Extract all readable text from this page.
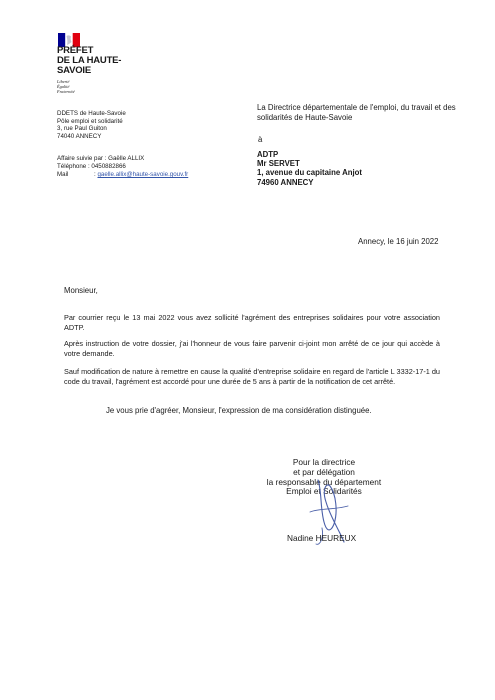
PRÉFET
DE LA HAUTE-
SAVOIE
Liberté
Égalité
Fraternité
DDETS de Haute-Savoie
Pôle emploi et solidarité
3, rue Paul Guiton
74040 ANNECY
Affaire suivie par : Gaëlle ALLIX
Téléphone : 0450882866
Mail	: gaelle.allix@haute-savoie.gouv.fr
La Directrice départementale de l'emploi, du travail et des
solidarités de Haute-Savoie
à
ADTP
Mr SERVET
1, avenue du capitaine Anjot
74960 ANNECY
Annecy, le 16 juin 2022
Monsieur,
Par courrier reçu le 13 mai 2022 vous avez sollicité l'agrément des entreprises solidaires pour votre association ADTP.
Après instruction de votre dossier, j'ai l'honneur de vous faire parvenir ci-joint mon arrêté de ce jour qui accède à votre demande.
Sauf modification de nature à remettre en cause la qualité d'entreprise solidaire en regard de l'article L 3332-17-1 du code du travail, l'agrément est accordé pour une durée de 5 ans à partir de la notification de cet arrêté.
Je vous prie d'agréer, Monsieur, l'expression de ma considération distinguée.
Pour la directrice
et par délégation
la responsable du département
Emploi et Solidarités
Nadine HEUREUX
